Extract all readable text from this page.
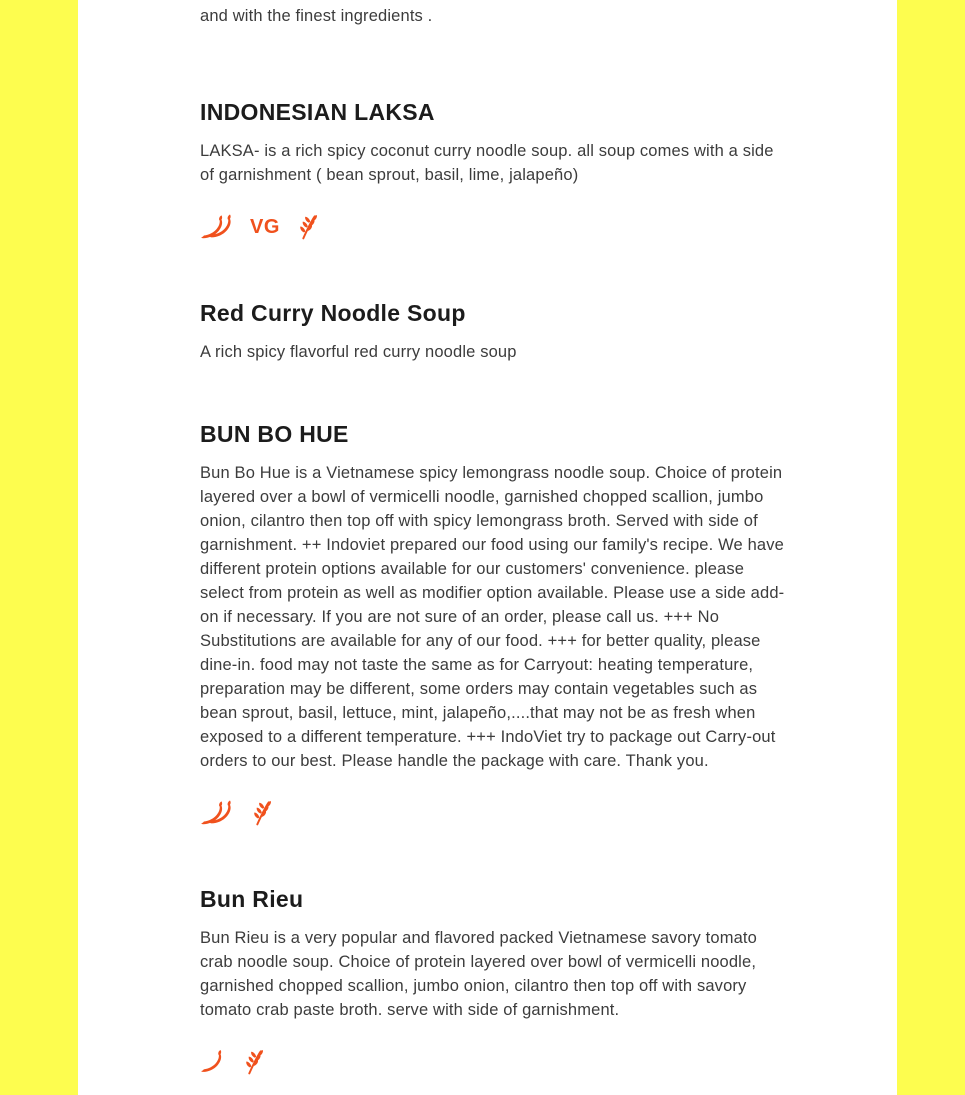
and with the finest ingredients .

INDONESIAN LAKSA

LAKSA- is a rich spicy coconut curry noodle soup. all soup comes with a side of garnishment ( bean sprout, basil, lime, jalapeño)

VG
Red Curry Noodle Soup

A rich spicy flavorful red curry noodle soup

BUN BO HUE

Bun Bo Hue is a Vietnamese spicy lemongrass noodle soup. Choice of protein layered over a bowl of vermicelli noodle, garnished chopped scallion, jumbo onion, cilantro then top off with spicy lemongrass broth. Served with side of garnishment. ++ Indoviet prepared our food using our family's recipe. We have different protein options available for our customers' convenience. please select from protein as well as modifier option available. Please use a side add-on if necessary. If you are not sure of an order, please call us. +++ No Substitutions are available for any of our food. +++ for better quality, please dine-in. food may not taste the same as for Carryout: heating temperature, preparation may be different, some orders may contain vegetables such as bean sprout, basil, lettuce, mint, jalapeño,....that may not be as fresh when exposed to a different temperature. +++ IndoViet try to package out Carry-out orders to our best. Please handle the package with care. Thank you.

Bun Rieu

Bun Rieu is a very popular and flavored packed Vietnamese savory tomato crab noodle soup. Choice of protein layered over bowl of vermicelli noodle, garnished chopped scallion, jumbo onion, cilantro then top off with savory tomato crab paste broth. serve with side of garnishment.
